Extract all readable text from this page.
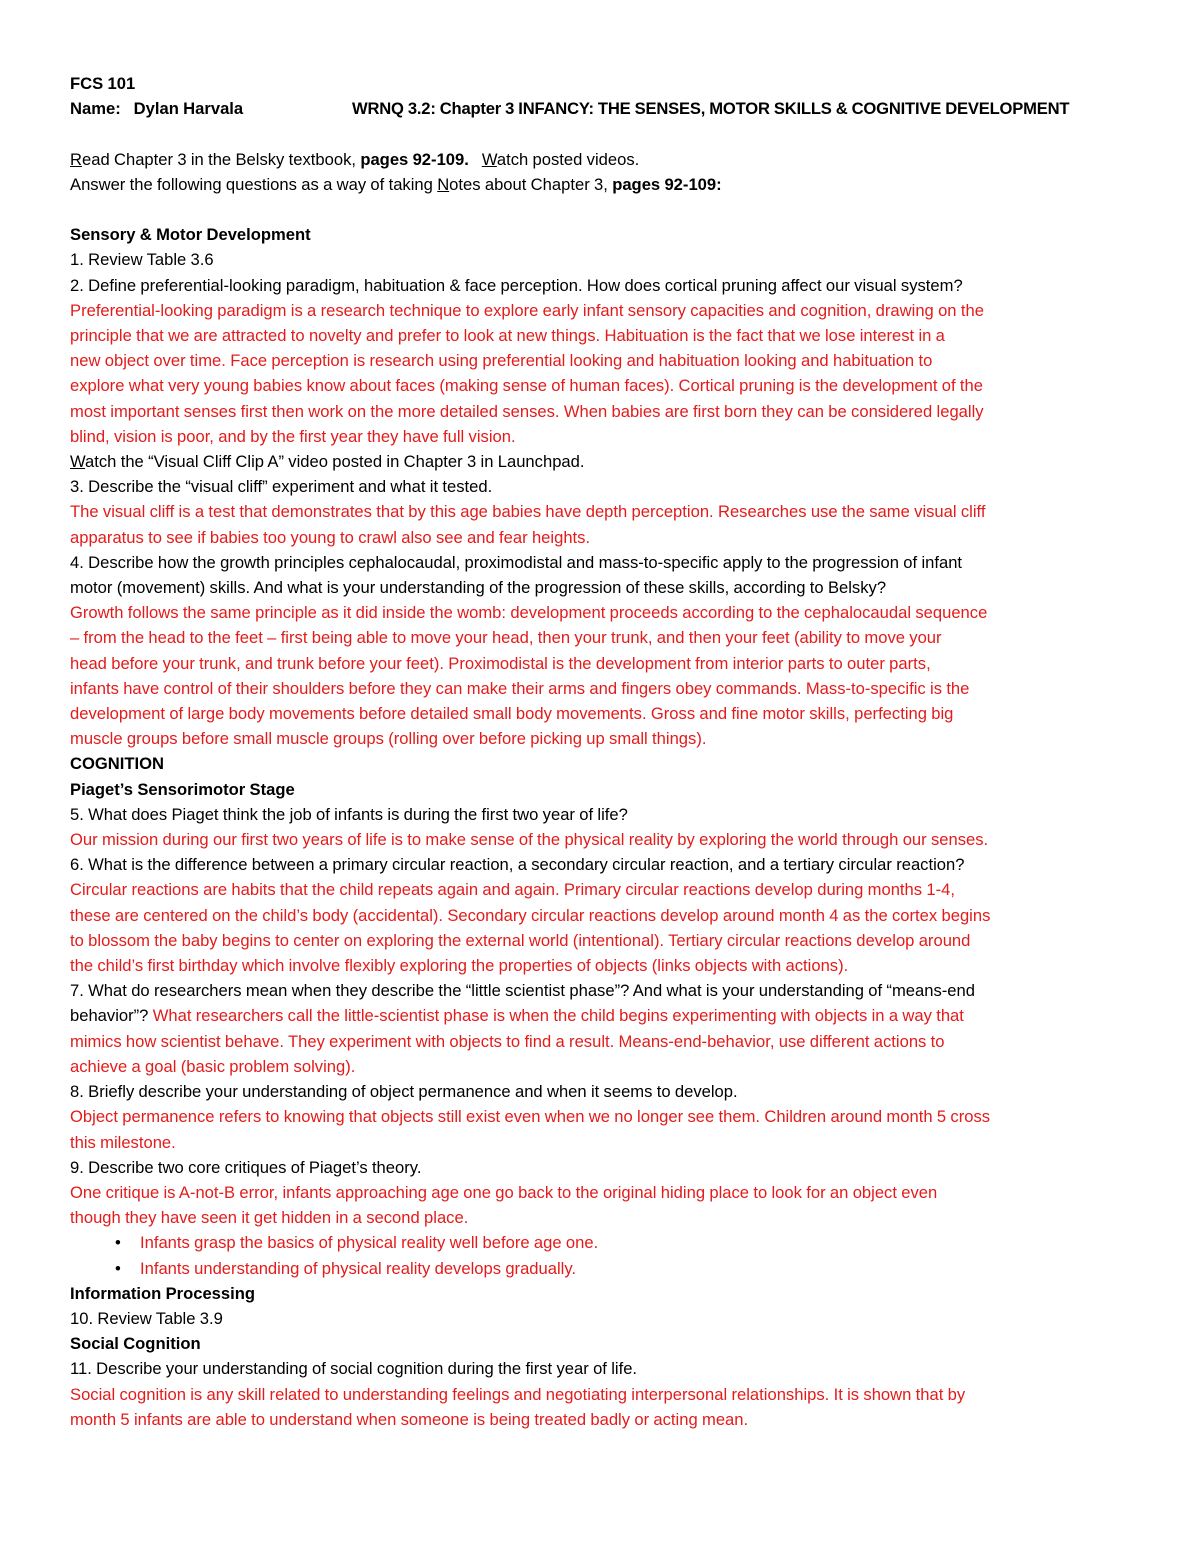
FCS 101
Name: Dylan Harvala	WRNQ 3.2: Chapter 3 INFANCY: THE SENSES, MOTOR SKILLS & COGNITIVE DEVELOPMENT
Read Chapter 3 in the Belsky textbook, pages 92-109. Watch posted videos.
Answer the following questions as a way of taking Notes about Chapter 3, pages 92-109:
Sensory & Motor Development
1. Review Table 3.6
2. Define preferential-looking paradigm, habituation & face perception. How does cortical pruning affect our visual system?
Preferential-looking paradigm is a research technique to explore early infant sensory capacities and cognition, drawing on the
principle that we are attracted to novelty and prefer to look at new things. Habituation is the fact that we lose interest in a
new object over time. Face perception is research using preferential looking and habituation looking and habituation to
explore what very young babies know about faces (making sense of human faces). Cortical pruning is the development of the
most important senses first then work on the more detailed senses. When babies are first born they can be considered legally
blind, vision is poor, and by the first year they have full vision.
Watch the “Visual Cliff Clip A” video posted in Chapter 3 in Launchpad.
3. Describe the “visual cliff” experiment and what it tested.
The visual cliff is a test that demonstrates that by this age babies have depth perception. Researches use the same visual cliff
apparatus to see if babies too young to crawl also see and fear heights.
4. Describe how the growth principles cephalocaudal, proximodistal and mass-to-specific apply to the progression of infant
motor (movement) skills. And what is your understanding of the progression of these skills, according to Belsky?
Growth follows the same principle as it did inside the womb: development proceeds according to the cephalocaudal sequence
– from the head to the feet – first being able to move your head, then your trunk, and then your feet (ability to move your
head before your trunk, and trunk before your feet). Proximodistal is the development from interior parts to outer parts,
infants have control of their shoulders before they can make their arms and fingers obey commands. Mass-to-specific is the
development of large body movements before detailed small body movements. Gross and fine motor skills, perfecting big
muscle groups before small muscle groups (rolling over before picking up small things).
COGNITION
Piaget’s Sensorimotor Stage
5. What does Piaget think the job of infants is during the first two year of life?
Our mission during our first two years of life is to make sense of the physical reality by exploring the world through our senses.
6. What is the difference between a primary circular reaction, a secondary circular reaction, and a tertiary circular reaction?
Circular reactions are habits that the child repeats again and again. Primary circular reactions develop during months 1-4,
these are centered on the child’s body (accidental). Secondary circular reactions develop around month 4 as the cortex begins
to blossom the baby begins to center on exploring the external world (intentional). Tertiary circular reactions develop around
the child’s first birthday which involve flexibly exploring the properties of objects (links objects with actions).
7. What do researchers mean when they describe the “little scientist phase”? And what is your understanding of “means-end
behavior”? What researchers call the little-scientist phase is when the child begins experimenting with objects in a way that
mimics how scientist behave. They experiment with objects to find a result. Means-end-behavior, use different actions to
achieve a goal (basic problem solving).
8. Briefly describe your understanding of object permanence and when it seems to develop.
Object permanence refers to knowing that objects still exist even when we no longer see them. Children around month 5 cross
this milestone.
9. Describe two core critiques of Piaget’s theory.
One critique is A-not-B error, infants approaching age one go back to the original hiding place to look for an object even
though they have seen it get hidden in a second place.
•	Infants grasp the basics of physical reality well before age one.
•	Infants understanding of physical reality develops gradually.
Information Processing
10. Review Table 3.9
Social Cognition
11. Describe your understanding of social cognition during the first year of life.
Social cognition is any skill related to understanding feelings and negotiating interpersonal relationships. It is shown that by
month 5 infants are able to understand when someone is being treated badly or acting mean.
